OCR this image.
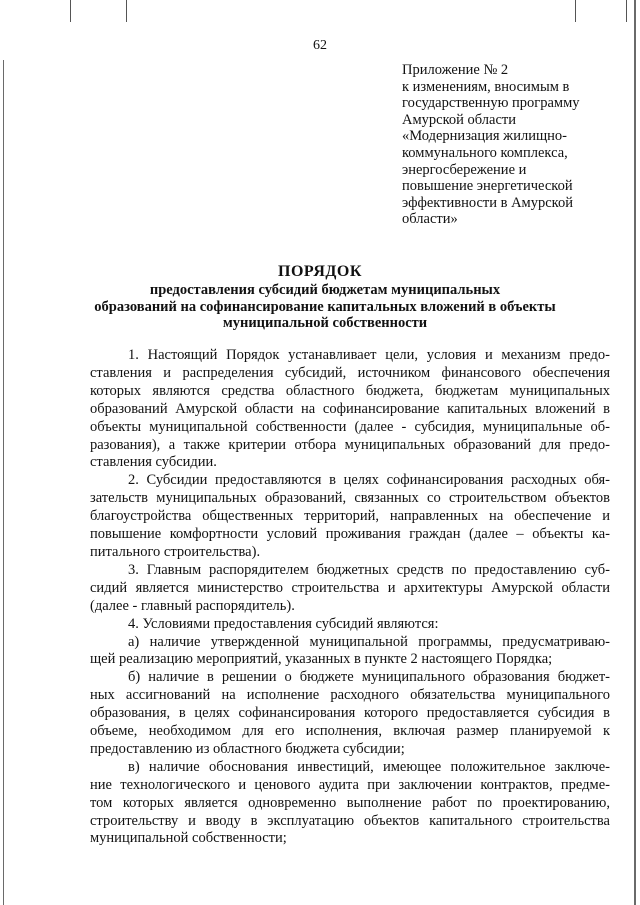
62
Приложение № 2
к изменениям, вносимым в
государственную программу
Амурской области
«Модернизация жилищно-
коммунального комплекса,
энергосбережение и
повышение энергетической
эффективности в Амурской
области»
ПОРЯДОК
предоставления субсидий бюджетам муниципальных
образований на софинансирование капитальных вложений в объекты
муниципальной собственности
1. Настоящий Порядок устанавливает цели, условия и механизм предо-
ставления и распределения субсидий, источником финансового обеспечения
которых являются средства областного бюджета, бюджетам муниципальных
образований Амурской области на софинансирование капитальных вложений в
объекты муниципальной собственности (далее - субсидия, муниципальные об-
разования), а также критерии отбора муниципальных образований для предо-
ставления субсидии.
2. Субсидии предоставляются в целях софинансирования расходных обя-
зательств муниципальных образований, связанных со строительством объектов
благоустройства общественных территорий, направленных на обеспечение и
повышение комфортности условий проживания граждан (далее – объекты ка-
питального строительства).
3. Главным распорядителем бюджетных средств по предоставлению суб-
сидий является министерство строительства и архитектуры Амурской области
(далее - главный распорядитель).
4. Условиями предоставления субсидий являются:
а) наличие утвержденной муниципальной программы, предусматриваю-
щей реализацию мероприятий, указанных в пункте 2 настоящего Порядка;
б) наличие в решении о бюджете муниципального образования бюджет-
ных ассигнований на исполнение расходного обязательства муниципального
образования, в целях софинансирования которого предоставляется субсидия в
объеме, необходимом для его исполнения, включая размер планируемой к
предоставлению из областного бюджета субсидии;
в) наличие обоснования инвестиций, имеющее положительное заключе-
ние технологического и ценового аудита при заключении контрактов, предме-
том которых является одновременно выполнение работ по проектированию,
строительству и вводу в эксплуатацию объектов капитального строительства
муниципальной собственности;
